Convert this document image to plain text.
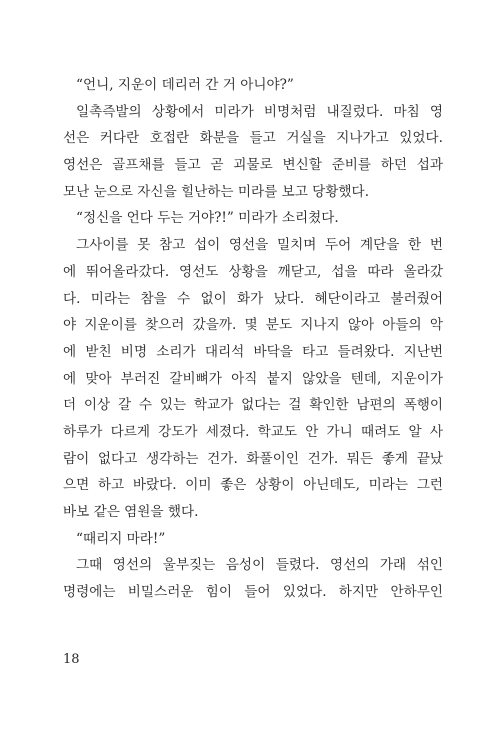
“언니, 지운이 데리러 간 거 아니야?”
일촉즉발의 상황에서 미라가 비명처럼 내질렀다. 마침 영
선은 커다란 호접란 화분을 들고 거실을 지나가고 있었다.
영선은 골프채를 들고 곧 괴물로 변신할 준비를 하던 섭과
모난 눈으로 자신을 힐난하는 미라를 보고 당황했다.
“정신을 언다 두는 거야?!” 미라가 소리쳤다.
그사이를 못 참고 섭이 영선을 밀치며 두어 계단을 한 번
에 뛰어올라갔다. 영선도 상황을 깨닫고, 섭을 따라 올라갔
다. 미라는 참을 수 없이 화가 났다. 혜단이라고 불러줬어
야 지운이를 찾으러 갔을까. 몇 분도 지나지 않아 아들의 악
에 받친 비명 소리가 대리석 바닥을 타고 들려왔다. 지난번
에 맞아 부러진 갈비뼈가 아직 붙지 않았을 텐데, 지운이가
더 이상 갈 수 있는 학교가 없다는 걸 확인한 남편의 폭행이
하루가 다르게 강도가 세졌다. 학교도 안 가니 때려도 알 사
람이 없다고 생각하는 건가. 화풀이인 건가. 뭐든 좋게 끝났
으면 하고 바랐다. 이미 좋은 상황이 아닌데도, 미라는 그런
바보 같은 염원을 했다.
“때리지 마라!”
그때 영선의 울부짖는 음성이 들렸다. 영선의 가래 섞인
명령에는 비밀스러운 힘이 들어 있었다. 하지만 안하무인
18
